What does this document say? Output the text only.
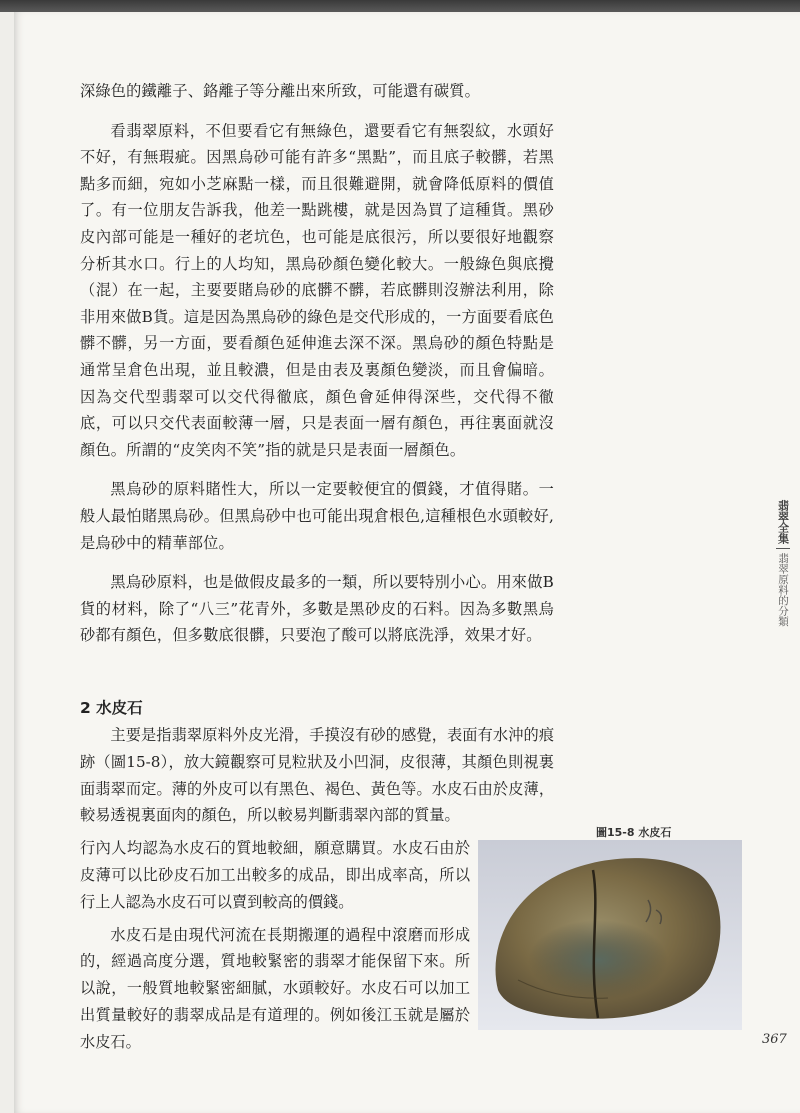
深綠色的鐵離子、鉻離子等分離出來所致，可能還有碳質。

看翡翠原料，不但要看它有無綠色，還要看它有無裂紋，水頭好不好，有無瑕疵。因黑烏砂可能有許多“黑點”，而且底子較髒，若黑點多而細，宛如小芝麻點一樣，而且很難避開，就會降低原料的價值了。有一位朋友告訴我，他差一點跳樓，就是因為買了這種貨。黑砂皮內部可能是一種好的老坑色，也可能是底很污，所以要很好地觀察分析其水口。行上的人均知，黑烏砂顏色變化較大。一般綠色與底攪（混）在一起，主要要賭烏砂的底髒不髒，若底髒則沒辦法利用，除非用來做B貨。這是因為黑烏砂的綠色是交代形成的，一方面要看底色髒不髒，另一方面，要看顏色延伸進去深不深。黑烏砂的顏色特點是通常呈倉色出現，並且較濃，但是由表及裏顏色變淡，而且會偏暗。因為交代型翡翠可以交代得徹底，顏色會延伸得深些，交代得不徹底，可以只交代表面較薄一層，只是表面一層有顏色，再往裏面就沒顏色。所謂的“皮笑肉不笑”指的就是只是表面一層顏色。

黑烏砂的原料賭性大，所以一定要較便宜的價錢，才值得賭。一般人最怕賭黑烏砂。但黑烏砂中也可能出現倉根色,這種根色水頭較好,是烏砂中的精華部位。

黑烏砂原料，也是做假皮最多的一類，所以要特別小心。用來做B貨的材料，除了“八三”花青外，多數是黑砂皮的石料。因為多數黑烏砂都有顏色，但多數底很髒，只要泡了酸可以將底洗淨，效果才好。

2 水皮石

主要是指翡翠原料外皮光滑，手摸沒有砂的感覺，表面有水沖的痕跡（圖15-8），放大鏡觀察可見粒狀及小凹洞，皮很薄，其顏色則視裏面翡翠而定。薄的外皮可以有黑色、褐色、黃色等。水皮石由於皮薄，較易透視裏面肉的顏色，所以較易判斷翡翠內部的質量。

行內人均認為水皮石的質地較細，願意購買。水皮石由於皮薄可以比砂皮石加工出較多的成品，即出成率高，所以行上人認為水皮石可以賣到較高的價錢。

水皮石是由現代河流在長期搬運的過程中滾磨而形成的，經過高度分選，質地較緊密的翡翠才能保留下來。所以說，一般質地較緊密細膩，水頭較好。水皮石可以加工出質量較好的翡翠成品是有道理的。例如後江玉就是屬於水皮石。

圖15-8 水皮石
翡翠全集
翡翠原料的分類
367
